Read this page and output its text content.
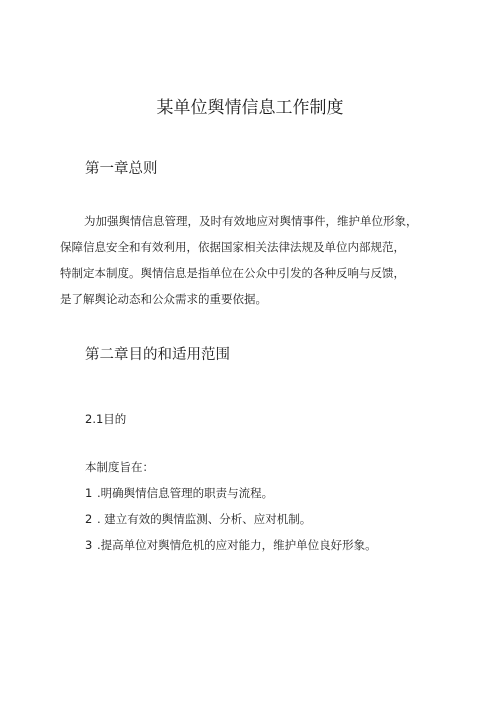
某单位舆情信息工作制度
第一章总则
为加强舆情信息管理，及时有效地应对舆情事件，维护单位形象，
保障信息安全和有效利用，依据国家相关法律法规及单位内部规范，
特制定本制度。舆情信息是指单位在公众中引发的各种反响与反馈，
是了解舆论动态和公众需求的重要依据。
第二章目的和适用范围
2.1目的
本制度旨在：
1 .明确舆情信息管理的职责与流程。
2 . 建立有效的舆情监测、分析、应对机制。
3 .提高单位对舆情危机的应对能力，维护单位良好形象。
